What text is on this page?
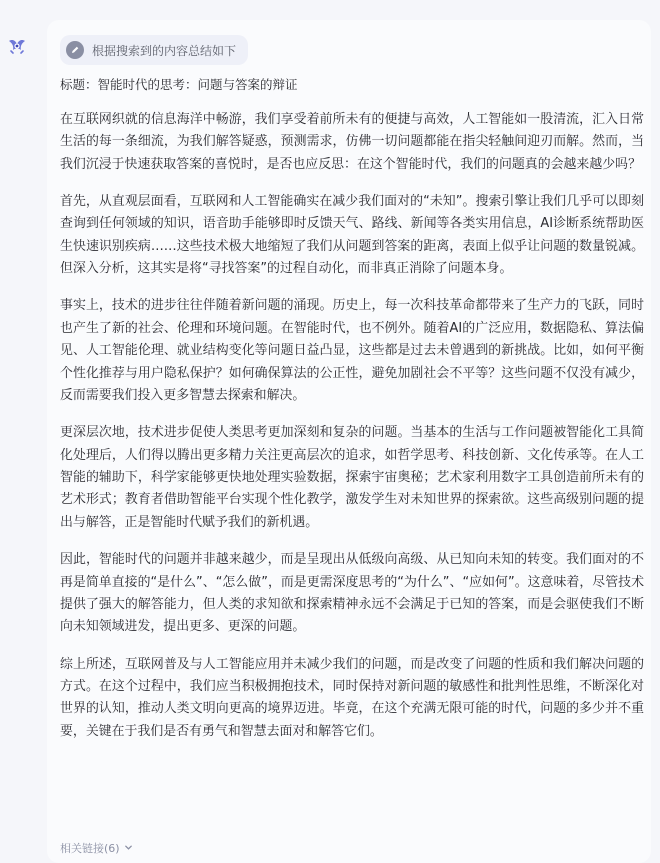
根据搜索到的内容总结如下

标题：智能时代的思考：问题与答案的辩证

在互联网织就的信息海洋中畅游，我们享受着前所未有的便捷与高效，人工智能如一股清流，汇入日常生活的每一条细流，为我们解答疑惑，预测需求，仿佛一切问题都能在指尖轻触间迎刃而解。然而，当我们沉浸于快速获取答案的喜悦时，是否也应反思：在这个智能时代，我们的问题真的会越来越少吗？

首先，从直观层面看，互联网和人工智能确实在减少我们面对的“未知”。搜索引擎让我们几乎可以即刻查询到任何领域的知识，语音助手能够即时反馈天气、路线、新闻等各类实用信息，AI诊断系统帮助医生快速识别疾病……这些技术极大地缩短了我们从问题到答案的距离，表面上似乎让问题的数量锐减。但深入分析，这其实是将“寻找答案”的过程自动化，而非真正消除了问题本身。

事实上，技术的进步往往伴随着新问题的涌现。历史上，每一次科技革命都带来了生产力的飞跃，同时也产生了新的社会、伦理和环境问题。在智能时代，也不例外。随着AI的广泛应用，数据隐私、算法偏见、人工智能伦理、就业结构变化等问题日益凸显，这些都是过去未曾遇到的新挑战。比如，如何平衡个性化推荐与用户隐私保护？如何确保算法的公正性，避免加剧社会不平等？这些问题不仅没有减少，反而需要我们投入更多智慧去探索和解决。

更深层次地，技术进步促使人类思考更加深刻和复杂的问题。当基本的生活与工作问题被智能化工具简化处理后，人们得以腾出更多精力关注更高层次的追求，如哲学思考、科技创新、文化传承等。在人工智能的辅助下，科学家能够更快地处理实验数据，探索宇宙奥秘；艺术家利用数字工具创造前所未有的艺术形式；教育者借助智能平台实现个性化教学，激发学生对未知世界的探索欲。这些高级别问题的提出与解答，正是智能时代赋予我们的新机遇。

因此，智能时代的问题并非越来越少，而是呈现出从低级向高级、从已知向未知的转变。我们面对的不再是简单直接的“是什么”、“怎么做”，而是更需深度思考的“为什么”、“应如何”。这意味着，尽管技术提供了强大的解答能力，但人类的求知欲和探索精神永远不会满足于已知的答案，而是会驱使我们不断向未知领域进发，提出更多、更深的问题。

综上所述，互联网普及与人工智能应用并未减少我们的问题，而是改变了问题的性质和我们解决问题的方式。在这个过程中，我们应当积极拥抱技术，同时保持对新问题的敏感性和批判性思维，不断深化对世界的认知，推动人类文明向更高的境界迈进。毕竟，在这个充满无限可能的时代，问题的多少并不重要，关键在于我们是否有勇气和智慧去面对和解答它们。

相关链接(6)
